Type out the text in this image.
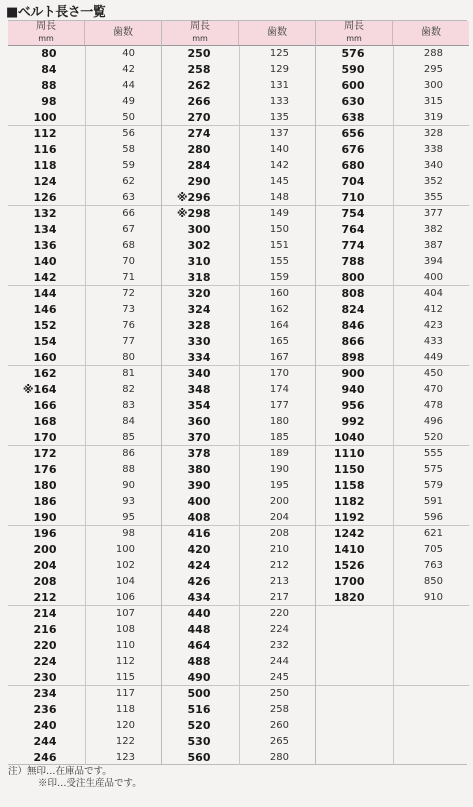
■ベルト長さ一覧
周長
mm
歯数
80	40
84	42
88	44
98	49
100	50
112	56
116	58
118	59
124	62
126	63
132	66
134	67
136	68
140	70
142	71
144	72
146	73
152	76
154	77
160	80
162	81
※164	82
166	83
168	84
170	85
172	86
176	88
180	90
186	93
190	95
196	98
200	100
204	102
208	104
212	106
214	107
216	108
220	110
224	112
230	115
234	117
236	118
240	120
244	122
246	123
周長
mm
歯数
250	125
258	129
262	131
266	133
270	135
274	137
280	140
284	142
290	145
※296	148
※298	149
300	150
302	151
310	155
318	159
320	160
324	162
328	164
330	165
334	167
340	170
348	174
354	177
360	180
370	185
378	189
380	190
390	195
400	200
408	204
416	208
420	210
424	212
426	213
434	217
440	220
448	224
464	232
488	244
490	245
500	250
516	258
520	260
530	265
560	280
周長
mm
歯数
576	288
590	295
600	300
630	315
638	319
656	328
676	338
680	340
704	352
710	355
754	377
764	382
774	387
788	394
800	400
808	404
824	412
846	423
866	433
898	449
900	450
940	470
956	478
992	496
1040	520
1110	555
1150	575
1158	579
1182	591
1192	596
1242	621
1410	705
1526	763
1700	850
1820	910
注）無印…在庫品です。
※印…受注生産品です。
